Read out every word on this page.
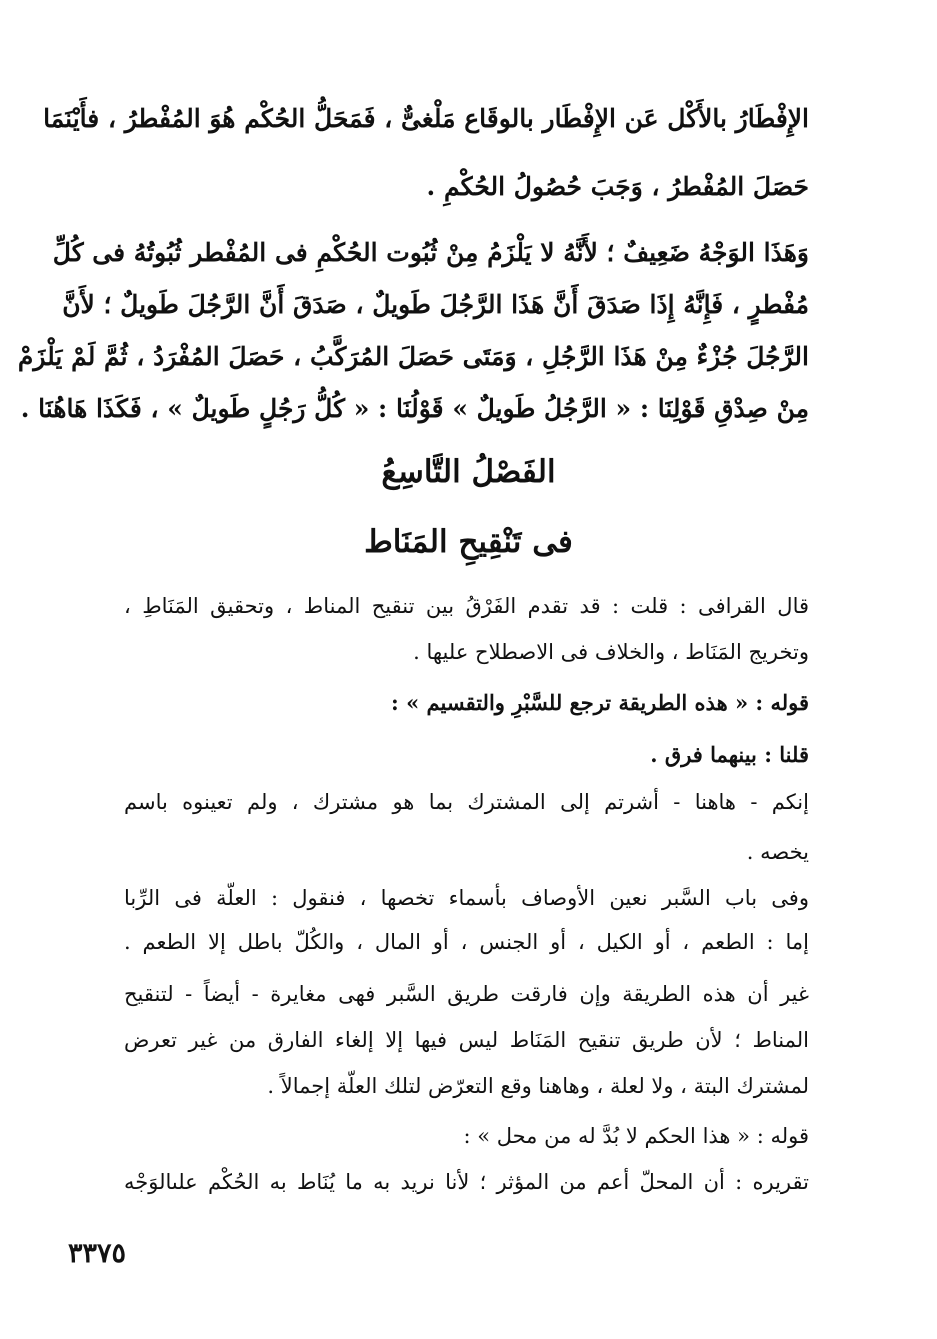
الإِفْطَارُ بالأَكْل عَن الإِفْطَار بالوقَاع مَلْغىٌّ ، فَمَحَلُّ الحُكْم هُوَ المُفْطرُ ، فأَيْنَمَا
حَصَلَ المُفْطرُ ، وَجَبَ حُصُولُ الحُكْمِ .
وَهَذَا الوَجْهُ ضَعِيفٌ ؛ لأَنَّهُ لا يَلْزَمُ مِنْ ثُبُوت الحُكْمِ فى المُفْطر ثُبُوتُهُ فى كُلِّ
مُفْطرٍ ، فَإِنَّهُ إِذَا صَدَقَ أَنَّ هَذَا الرَّجُلَ طَويلٌ ، صَدَقَ أَنَّ الرَّجُلَ طَويلٌ ؛ لأَنَّ
الرَّجُلَ جُزْءٌ مِنْ هَذَا الرَّجُلِ ، وَمَتَى حَصَلَ المُرَكَّبُ ، حَصَلَ المُفْرَدُ ، ثُمَّ لَمْ يَلْزَمْ
مِنْ صِدْقِ قَوْلِنَا : « الرَّجُلُ طَويلٌ » قَوْلُنَا : « كُلُّ رَجُلٍ طَويلٌ » ، فَكَذَا هَاهُنَا .
الفَصْلُ التَّاسِعُ
فى تَنْقِيحِ المَنَاط
قال القرافى : قلت : قد تقدم الفَرْقُ بين تنقيح المناط ، وتحقيق المَنَاطِ ،
وتخريج المَنَاط ، والخلاف فى الاصطلاح عليها .
قوله : « هذه الطريقة ترجع للسَّبْرِ والتقسيم » :
قلنا : بينهما فرق .
إنكم - هاهنا - أشرتم إلى المشترك بما هو مشترك ، ولم تعينوه باسم
يخصه .
وفى باب السَّبر نعين الأوصاف بأسماء تخصها ، فنقول : العلّة فى الرِّبا
إما : الطعم ، أو الكيل ، أو الجنس ، أو المال ، والكُلّ باطل إلا الطعم .
غير أن هذه الطريقة وإن فارقت طريق السَّبر فهى مغايرة - أيضاً - لتنقيح
المناط ؛ لأن طريق تنقيح المَنَاط ليس فيها إلا إلغاء الفارق من غير تعرض
لمشترك البتة ، ولا لعلة ، وهاهنا وقع التعرّض لتلك العلّة إجمالاً .
قوله : « هذا الحكم لا بُدَّ له من محل » :
تقريره : أن المحلّ أعم من المؤثر ؛ لأنا نريد به ما يُنَاط به الحُكْم علىالوَجْه
٣٣٧٥
